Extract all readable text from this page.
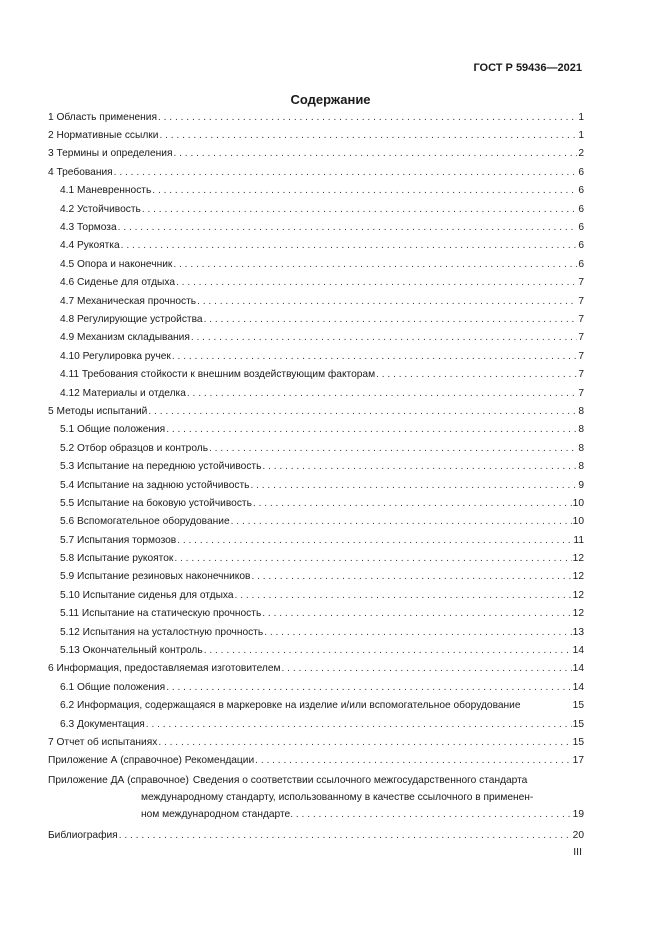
ГОСТ Р 59436—2021
Содержание
1 Область применения . . .	1
2 Нормативные ссылки . . .	1
3 Термины и определения . . .	2
4 Требования . . .	6
4.1 Маневренность . . .	6
4.2 Устойчивость . . .	6
4.3 Тормоза . . .	6
4.4 Рукоятка . . .	6
4.5 Опора и наконечник . . .	6
4.6 Сиденье для отдыха . . .	7
4.7 Механическая прочность . . .	7
4.8 Регулирующие устройства . . .	7
4.9 Механизм складывания . . .	7
4.10 Регулировка ручек . . .	7
4.11 Требования стойкости к внешним воздействующим факторам . . .	7
4.12 Материалы и отделка . . .	7
5 Методы испытаний . . .	8
5.1 Общие положения . . .	8
5.2 Отбор образцов и контроль . . .	8
5.3 Испытание на переднюю устойчивость . . .	8
5.4 Испытание на заднюю устойчивость . . .	9
5.5 Испытание на боковую устойчивость . . .	10
5.6 Вспомогательное оборудование . . .	10
5.7 Испытания тормозов . . .	11
5.8 Испытание рукояток . . .	12
5.9 Испытание резиновых наконечников . . .	12
5.10 Испытание сиденья для отдыха . . .	12
5.11 Испытание на статическую прочность . . .	12
5.12 Испытания на усталостную прочность . . .	13
5.13 Окончательный контроль . . .	14
6 Информация, предоставляемая изготовителем . . .	14
6.1 Общие положения . . .	14
6.2 Информация, содержащаяся в маркеровке на изделие и/или вспомогательное оборудование	15
6.3 Документация . . .	15
7 Отчет об испытаниях . . .	15
Приложение А (справочное) Рекомендации . . .	17
Приложение ДА (справочное) Сведения о соответствии ссылочного межгосударственного стандарта
международному стандарту, использованному в качестве ссылочного в применен-
ном международном стандарте . . .	19
Библиография . . .	20
III
